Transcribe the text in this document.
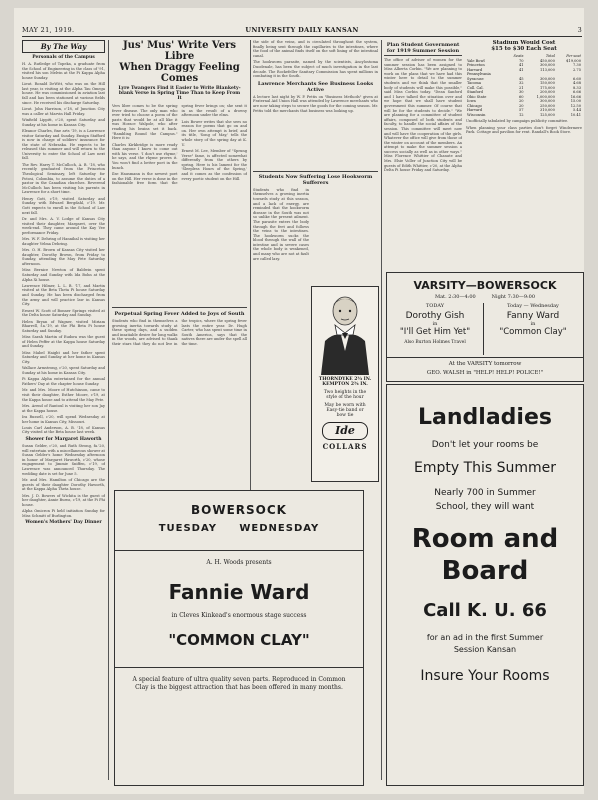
MAY 21, 1919.	UNIVERSITY DAILY KANSAN	3
By The Way
Personals of the Campus

H. A. Rutledge of Topeka, a graduate from the School of Engineering in the class of '91, visited his son Melvin at the Pi Kappa Alpha house Sunday.

Lieut. Ronald DeWitt, who was on the Hill last year, is visiting at the Alpha Tau Omega house. He was commissioned in aviation last fall and has been stationed at various fields since. He received his discharge Saturday.

Lieut. John Harrison, c'18, of Junction City was a caller at Marvin Hall Friday.

Winfield Lippitt, c'20, spent Saturday and Sunday at his home in Kansas City.

Eleanor Charles, fine arts '19, is a Lawrence visitor Saturday and Sunday. Ensign Stafford is now in charge of soldiers' insurance for the state of Nebraska. He expects to be released this summer and will return to the University to enter the School of Law next fall.

The Rev. Harry T. McCulloch, A. B. '18, who recently graduated from the Princeton Theological Seminary, left Saturday for Potosi, Colombia, to assume the duties of a pastor in the Canadian churches. Reverend McCulloch has been visiting his parents in Lawrence for a short time.

Henry Gott, c'19, visited Saturday and Sunday with Edward Bergdahl, c'19. Mr. Gott expects to enroll in the School of Law next fall.

Dr. and Mrs. A. V. Lodge of Kansas City visited their daughter, Margaret, over the week-end. They came around the Kay Vee performance Friday.

Mrs. W. F. Dehring of Hannibal is visiting her daughter Velma Dehring.

Mrs. O. H. Brown of Kansas City visited her daughter, Dorothy Brown, from Friday to Sunday, attending the May Fete Saturday afternoon.

Miss Bernice Newton of Baldwin spent Saturday and Sunday with Ida Bohn at the Alpha Xi house.

Lawrence Hilmer, L. L. B. '17, and Martin visited at the Beta Theta Pi house Saturday and Sunday. He has been discharged from the army and will practice law in Kansas City.

Ernest W. Scott of Bonner Springs visited at the Delta house Saturday and Sunday.

Helen Bryan of Wagner, visited Miriam Bharrell, f.a.'19, at the Phi Beta Pi house Saturday and Sunday.

Miss Sarah Martin of Eudora was the guest of Helen Peffer at the Kappa house Saturday and Sunday.

Miss Mabel Haight and her father spent Saturday and Sunday at her home in Kansas City.

Wallace Armstrong, c'20, spent Saturday and Sunday at his home in Kansas City.

Pi Kappa Alpha entertained for the annual Fathers' Day at the chapter house Sunday.

Mr. and Mrs. Moore of Hutchinson, came to visit their daughter, Esther Moore, c'19, at the Kappa house and to attend the May Fete.

Mrs. Arend of Rantoul is visiting her son Jay at the Kappa house.

Ira Russell, c'20, will spend Wednesday at her home in Kansas City, Missouri.

Louis Carl Anderson, A. B. '18, of Kansas City visited at the Beta house last week.

Shower for Margaret Haworth

Susan Gelder, c'20, and Ruth Strong, fa.'20, will entertain with a miscellaneous shower at Susan Gelder's home Wednesday afternoon in honor of Margaret Haworth, c'20, whose engagement to Jimmie Sniffen, c'19, of Lawrence was announced Thursday. The wedding date is set for June 5.

Mr. and Mrs. Hamilton of Chicago are the guests of their daughter Dorothy Haworth, at the Kappa Alpha Theta house.

Mrs. J. D. Bowers of Wichita is the guest of her daughter, Annie Burns, c'19, at the Pi Phi house.

Alpha Omicron Pi held initiation Sunday for Miss Schmitt of Burlington.

Women's Mothers' Day Dinner
Jus' Mus' Write Vers Libre
When Draggy Feeling Comes
Lyre Twangers Find it Easier to Write Blankety-blank Verse in Spring Time Than to Keep From It

Vers libre comes to be the spring fever disease. The only man who ever tried to choose a poem of the pasts that would be at all like it was Horace Walpole, who after reading his brains set it back. "Rambling Round the Campus." Here it is:

Charles Kirkbridge is more ready than anyone I know to come out with his verse. 'I don't use rhyme,' he says, and the rhyme proves it. You won't find a better poet in the bunch.

Ilse Hausmann is the newest poet on the Hill. Her verse is done in the fashionable free form that the spring fever brings on; she sent it in as the result of a drowsy afternoon under the elms.

Lois Bower writes that she sees no reason for poems that go on and on. Her own attempt is brief, and its title, 'Song of May,' tells the whole story of the spring day at K. U.

Ernest M. Lee, Member of "Sprung Verse" fame, is affected somewhat differently from the others by spring. Here is his lament for the 'Sleepless Hours of the Spring,' and it comes as the confession of every poetic student on the Hill.

Perpetual Spring Fever Added to Joys of South
Students who find in themselves a growing inertia towards study at these spring days, and a sudden and insatiable desire for long walks in the woods, are advised to thank their stars that they do not live in the tropics, where the spring fever lasts the entire year. Dr. Hugh Carter, who has spent some time in South America, says that the natives there are under the spell all the time.
BOWERSOCK
TUESDAY     WEDNESDAY
A. H. Woods presents
Fannie Ward
in Cleves Kinkead's enormous stage success
"COMMON CLAY"
A special feature of ultra quality seven parts. Reproduced in Common Clay is the biggest attraction that has been offered in many months.
the side of the veins, and is circulated throughout the system, finally being sent through the capillaries to the intestines, where the food of the animal finds itself on the soft lining of the intestinal canal.
The hookworm parasite, named by the scientists, Ancylostoma Duodenale, has been the subject of much investigation in the last decade. The Rockefeller Sanitary Commission has spent millions in combating it in the South.
Lawrence Merchants See Business Looks Active
A lecture last night by W. P. Pettis on "Business Methods" given at Fraternal Aid Union Hall was attended by Lawrence merchants who are now taking steps to secure the goods for the coming season. Mr. Pettis told the merchants that business was looking up.
Students Now Suffering Lose Hookworm Sufferers
Students who find in themselves a growing inertia towards study at this season, and a lack of energy, are reminded that the hookworm disease in the South was not so unlike the present ailment. The parasite enters the body through the feet and follows the veins to the intestines. The hookworm sucks the blood through the wall of the intestine and in severe cases the whole body is weakened, and many who are not at fault are called lazy.
THORNDYKE 2¾ IN.
KEMPTON 2¾ IN.
Two heights in the
style of the hour
May be worn with
Easy-tie band or
bow tie
Ide
COLLARS
Plan Student Government for 1919 Summer Session
The office of adviser of women for the summer session has been assigned to Miss Alberta Corbin. "We are planning to work on the plans that we have had this winter here to detail to the summer students and we think that the smaller body of students will make this possible," said Miss Corbin today. "Dean Sanford and I have talked the situation over and we hope that we shall have student government this summer. Of course that will be for the students to decide." "We are planning for a committee of student affairs, composed of both students and faculty, to handle the social affairs of the session. This committee will meet now and will have the cooperation of the girls. Whatever the office will give from those of the winter on account of the members. An attempt to make the summer session a success socially as well as in other ways." Miss Florence Whittier of Chanute and Mrs. Elsie Voller of Junction City will be guests of Edith Whittier, c'20, at the Alpha Delta Pi house Friday and Saturday.
Stadium Would Cost
$15 to $30 Each Seat
	Seats	Total	Per seat
Yale Bowl	70	450,000	$19,000
Princeton	41	300,000	7.30
Harvard	41	113,000	2.75
Pennsylvania			
Syracuse	45	300,000	6.60
Tacoma	32	150,000	4.68
Coll. Cal.	21	175,000	8.33
Stanford	30	200,000	6.66
Ohio State	60	1,000,000	16.66
Iowa	20	300,000	15.00
Chicago	20	250,000	12.50
Harvard	57	310,000	5.44
Wisconsin	12	125,000	10.41
Unofficially tabulated by campaign publicity committee.
When planning your class parties don't forget Windermere Park. Cottage and pavilion for rent. Randall's Book Store.
VARSITY—BOWERSOCK
Mat. 2:30—4:00          Night 7:30—9:00
TODAY
Dorothy Gish
in
"I'll Get Him Yet"
Also Burton Holmes Travel
Today — Wednesday
Fanny Ward
in
"Common Clay"
At the VARSITY tomorrow
GEO. WALSH in "HELP! HELP! POLICE!"
Landladies
Don't let your rooms be
Empty This Summer
Nearly 700 in Summer
School, they will want
Room and
Board
Call K. U. 66
for an ad in the first Summer
Session Kansan
Insure Your Rooms
